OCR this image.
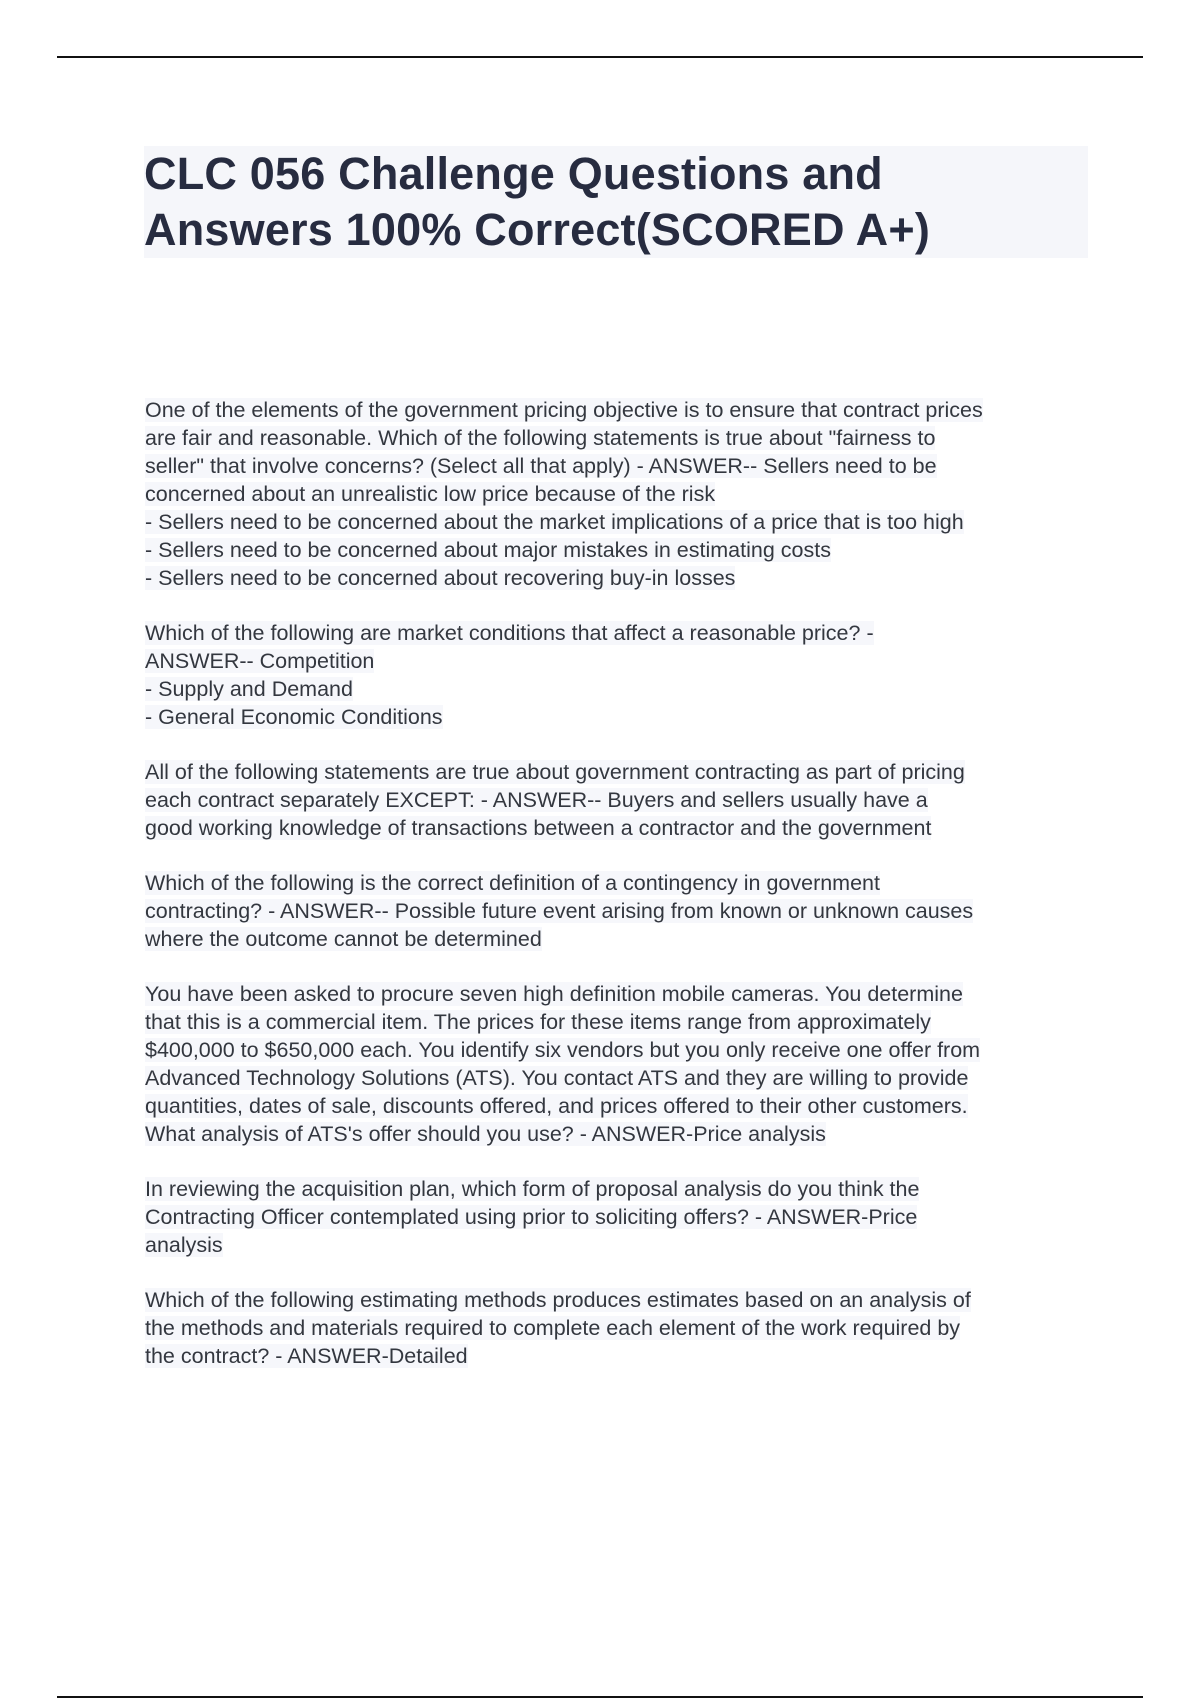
CLC 056 Challenge Questions and
Answers 100% Correct(SCORED A+)
One of the elements of the government pricing objective is to ensure that contract prices
are fair and reasonable. Which of the following statements is true about "fairness to
seller" that involve concerns? (Select all that apply) - ANSWER-- Sellers need to be
concerned about an unrealistic low price because of the risk
- Sellers need to be concerned about the market implications of a price that is too high
- Sellers need to be concerned about major mistakes in estimating costs
- Sellers need to be concerned about recovering buy-in losses
Which of the following are market conditions that affect a reasonable price? -
ANSWER-- Competition
- Supply and Demand
- General Economic Conditions
All of the following statements are true about government contracting as part of pricing
each contract separately EXCEPT: - ANSWER-- Buyers and sellers usually have a
good working knowledge of transactions between a contractor and the government
Which of the following is the correct definition of a contingency in government
contracting? - ANSWER-- Possible future event arising from known or unknown causes
where the outcome cannot be determined
You have been asked to procure seven high definition mobile cameras. You determine
that this is a commercial item. The prices for these items range from approximately
$400,000 to $650,000 each. You identify six vendors but you only receive one offer from
Advanced Technology Solutions (ATS). You contact ATS and they are willing to provide
quantities, dates of sale, discounts offered, and prices offered to their other customers.
What analysis of ATS's offer should you use? - ANSWER-Price analysis
In reviewing the acquisition plan, which form of proposal analysis do you think the
Contracting Officer contemplated using prior to soliciting offers? - ANSWER-Price
analysis
Which of the following estimating methods produces estimates based on an analysis of
the methods and materials required to complete each element of the work required by
the contract? - ANSWER-Detailed
